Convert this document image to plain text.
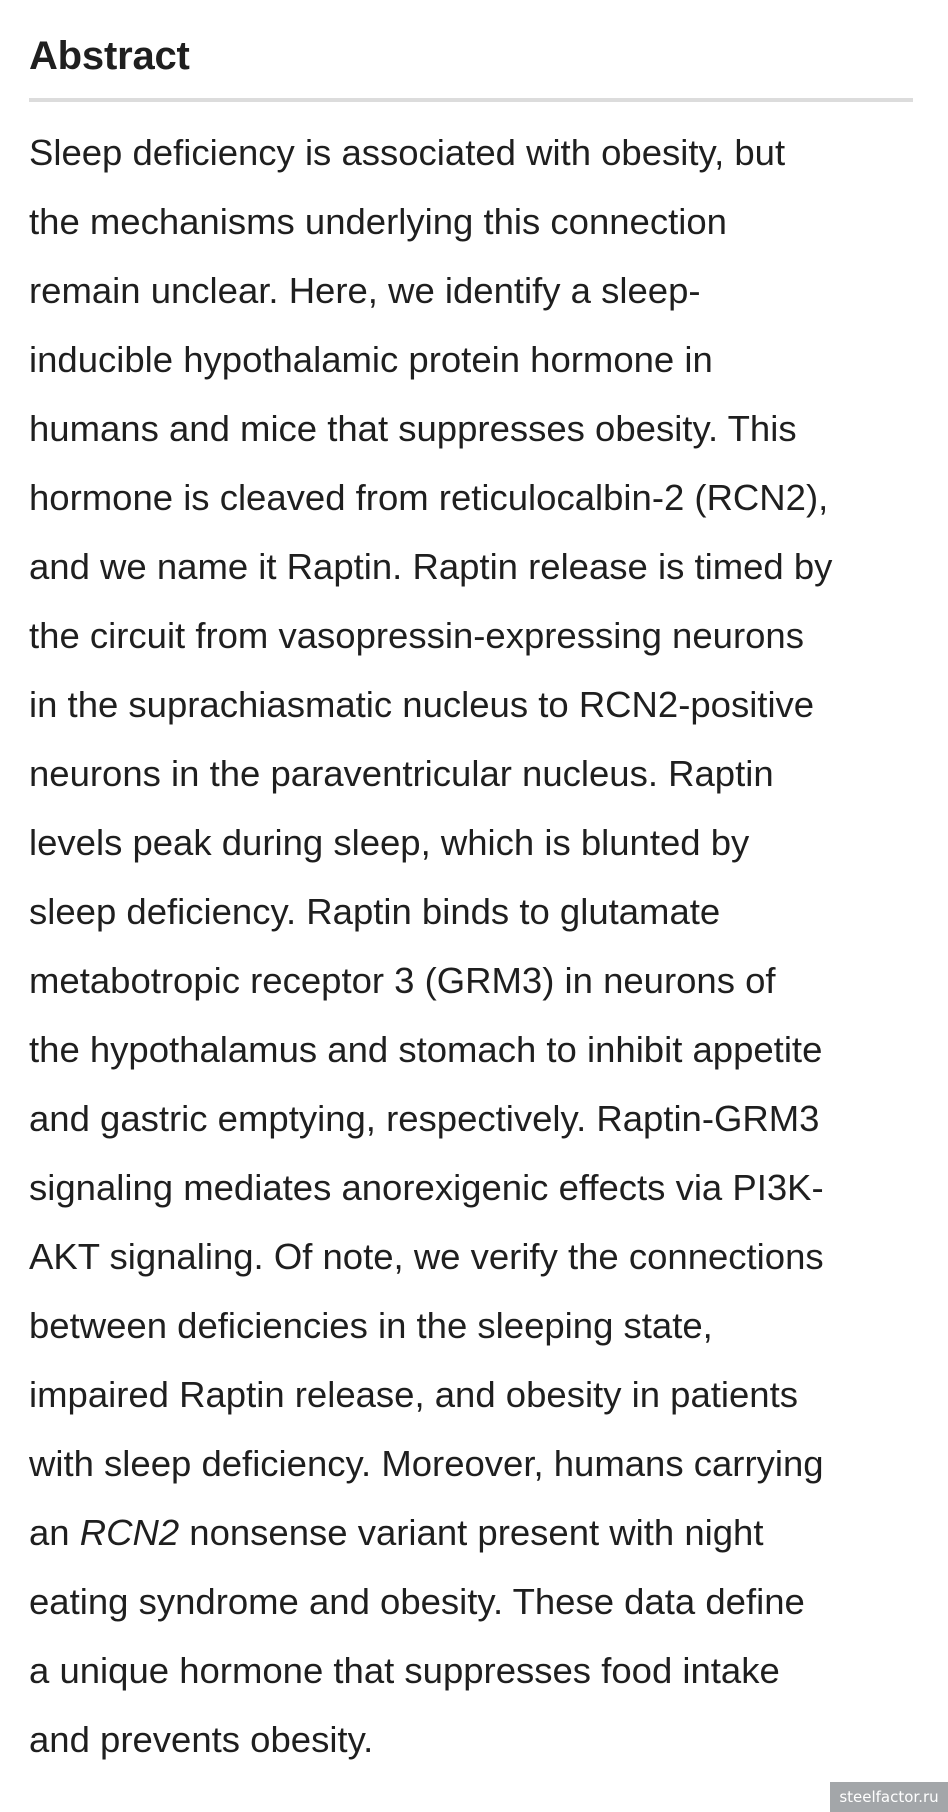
Abstract

Sleep deficiency is associated with obesity, but
the mechanisms underlying this connection
remain unclear. Here, we identify a sleep-
inducible hypothalamic protein hormone in
humans and mice that suppresses obesity. This
hormone is cleaved from reticulocalbin-2 (RCN2),
and we name it Raptin. Raptin release is timed by
the circuit from vasopressin-expressing neurons
in the suprachiasmatic nucleus to RCN2-positive
neurons in the paraventricular nucleus. Raptin
levels peak during sleep, which is blunted by
sleep deficiency. Raptin binds to glutamate
metabotropic receptor 3 (GRM3) in neurons of
the hypothalamus and stomach to inhibit appetite
and gastric emptying, respectively. Raptin-GRM3
signaling mediates anorexigenic effects via PI3K-
AKT signaling. Of note, we verify the connections
between deficiencies in the sleeping state,
impaired Raptin release, and obesity in patients
with sleep deficiency. Moreover, humans carrying
an RCN2 nonsense variant present with night
eating syndrome and obesity. These data define
a unique hormone that suppresses food intake
and prevents obesity.

steelfactor.ru
